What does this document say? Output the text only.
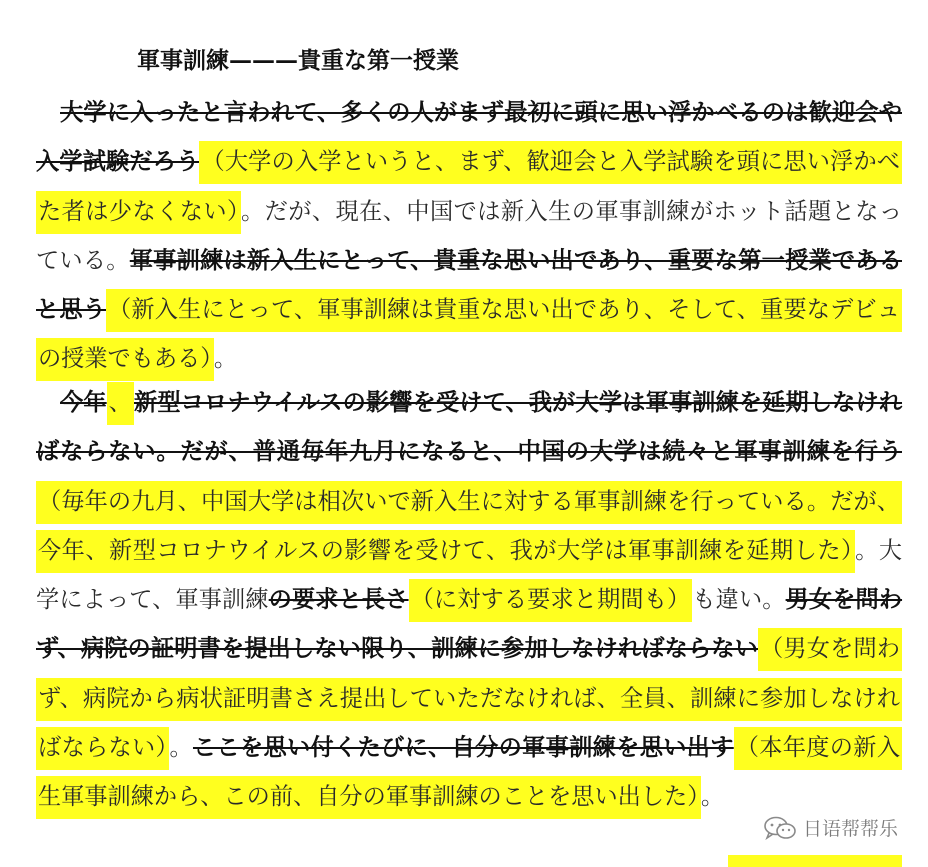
軍事訓練———貴重な第一授業
大学に入ったと言われて、多くの人がまず最初に頭に思い浮かべるのは歓迎会や入学試験だろう（大学の入学というと、まず、歓迎会と入学試験を頭に思い浮かべた者は少なくない）。だが、現在、中国では新入生の軍事訓練がホット話題となっている。軍事訓練は新入生にとって、貴重な思い出であり、重要な第一授業であると思う（新入生にとって、軍事訓練は貴重な思い出であり、そして、重要なデビュの授業でもある）。
今年、新型コロナウイルスの影響を受けて、我が大学は軍事訓練を延期しなければならない。だが、普通毎年九月になると、中国の大学は続々と軍事訓練を行う（毎年の九月、中国大学は相次いで新入生に対する軍事訓練を行っている。だが、今年、新型コロナウイルスの影響を受けて、我が大学は軍事訓練を延期した）。大学によって、軍事訓練の要求と長さ（に対する要求と期間も）も違い。男女を問わず、病院の証明書を提出しない限り、訓練に参加しなければならない（男女を問わず、病院から病状証明書さえ提出していただなければ、全員、訓練に参加しなければならない）。ここを思い付くたびに、自分の軍事訓練を思い出す（本年度の新入生軍事訓練から、この前、自分の軍事訓練のことを思い出した）。
日语帮帮乐
